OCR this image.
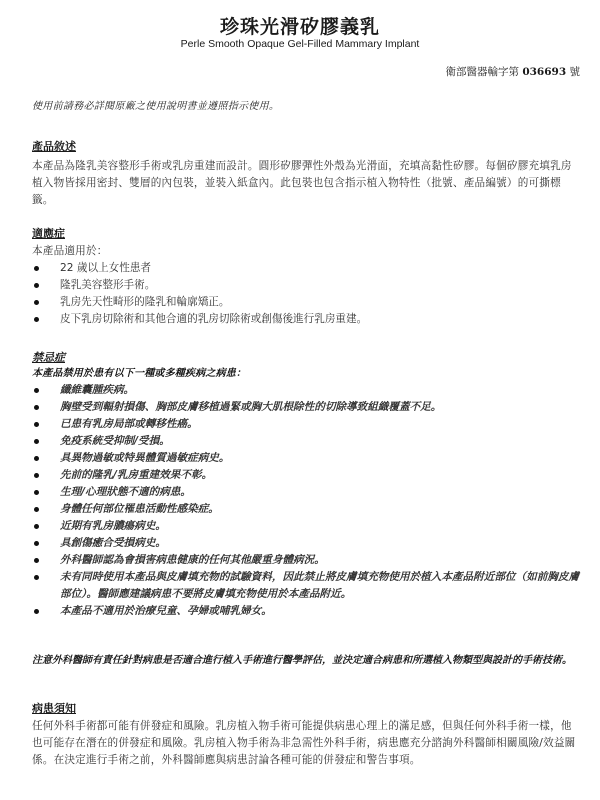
珍珠光滑矽膠義乳

Perle Smooth Opaque Gel-Filled Mammary Implant

衛部醫器輸字第 036693 號
使用前請務必詳閱原廠之使用說明書並遵照指示使用。

產品敘述

本產品為隆乳美容整形手術或乳房重建而設計。圓形矽膠彈性外殼為光滑面，充填高黏性矽膠。每個矽膠充填乳房植入物皆採用密封、雙層的內包裝，並裝入紙盒內。此包裝也包含指示植入物特性（批號、產品編號）的可撕標籤。

適應症

本產品適用於：

22 歲以上女性患者
隆乳美容整形手術。
乳房先天性畸形的隆乳和輪廓矯正。
皮下乳房切除術和其他合適的乳房切除術或創傷後進行乳房重建。

禁忌症

本產品禁用於患有以下一種或多種疾病之病患：

纖維囊腫疾病。
胸壁受到輻射損傷、胸部皮膚移植過緊或胸大肌根除性的切除導致組織覆蓋不足。
已患有乳房局部或轉移性癌。
免疫系統受抑制/受損。
具異物過敏或特異體質過敏症病史。
先前的隆乳/乳房重建效果不彰。
生理/心理狀態不適的病患。
身體任何部位罹患活動性感染症。
近期有乳房膿瘍病史。
具創傷癒合受損病史。
外科醫師認為會損害病患健康的任何其他嚴重身體病況。
未有同時使用本產品與皮膚填充物的試驗資料，因此禁止將皮膚填充物使用於植入本產品附近部位（如前胸皮膚部位）。醫師應建議病患不要將皮膚填充物使用於本產品附近。
本產品不適用於治療兒童、孕婦或哺乳婦女。

注意外科醫師有責任針對病患是否適合進行植入手術進行醫學評估，並決定適合病患和所選植入物類型與設計的手術技術。

病患須知

任何外科手術都可能有併發症和風險。乳房植入物手術可能提供病患心理上的滿足感，但與任何外科手術一樣，他也可能存在潛在的併發症和風險。乳房植入物手術為非急需性外科手術，病患應充分諮詢外科醫師相關風險/效益關係。在決定進行手術之前，外科醫師應與病患討論各種可能的併發症和警告事項。
